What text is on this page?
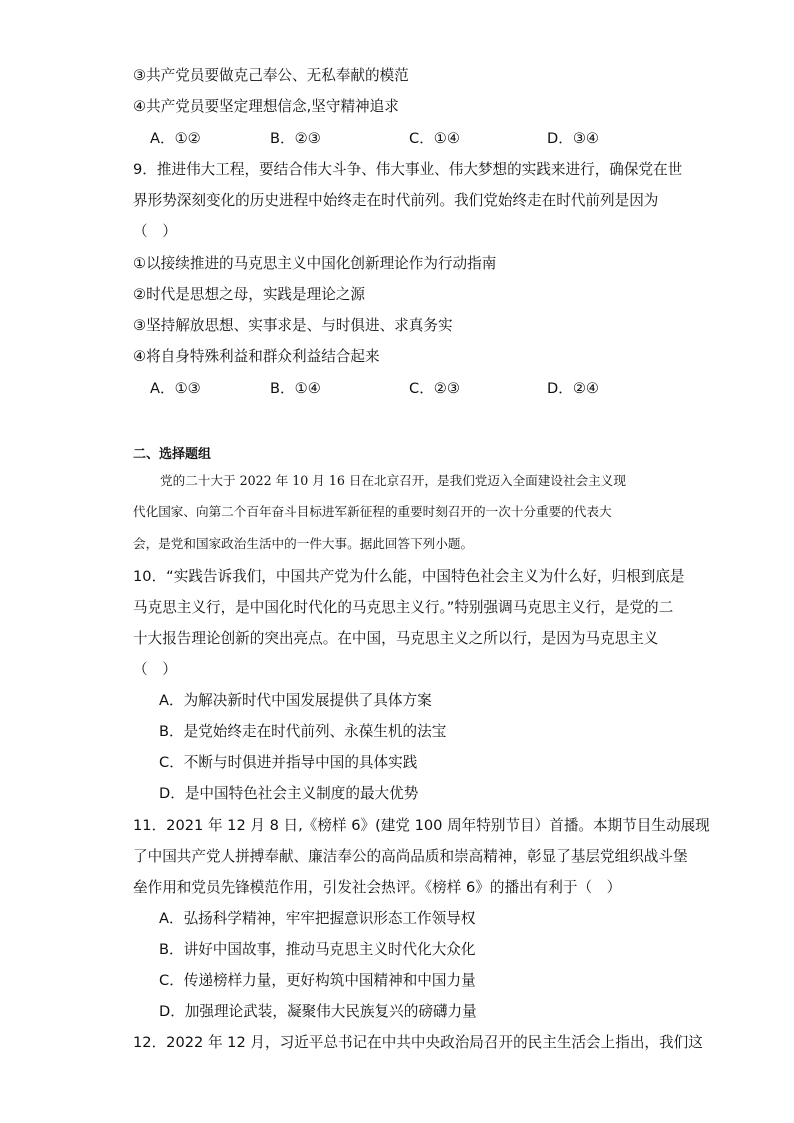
③共产党员要做克己奉公、无私奉献的模范
④共产党员要坚定理想信念,坚守精神追求
A．①②	B．②③	C．①④	D．③④
9．推进伟大工程，要结合伟大斗争、伟大事业、伟大梦想的实践来进行，确保党在世
界形势深刻变化的历史进程中始终走在时代前列。我们党始终走在时代前列是因为
（　）
①以接续推进的马克思主义中国化创新理论作为行动指南
②时代是思想之母，实践是理论之源
③坚持解放思想、实事求是、与时俱进、求真务实
④将自身特殊利益和群众利益结合起来
A．①③	B．①④	C．②③	D．②④
二、选择题组
党的二十大于 2022 年 10 月 16 日在北京召开，是我们党迈入全面建设社会主义现
代化国家、向第二个百年奋斗目标进军新征程的重要时刻召开的一次十分重要的代表大
会，是党和国家政治生活中的一件大事。据此回答下列小题。
10．“实践告诉我们，中国共产党为什么能，中国特色社会主义为什么好，归根到底是
马克思主义行，是中国化时代化的马克思主义行。”特别强调马克思主义行，是党的二
十大报告理论创新的突出亮点。在中国，马克思主义之所以行，是因为马克思主义
（　）
A．为解决新时代中国发展提供了具体方案
B．是党始终走在时代前列、永葆生机的法宝
C．不断与时俱进并指导中国的具体实践
D．是中国特色社会主义制度的最大优势
11．2021 年 12 月 8 日,《榜样 6》(建党 100 周年特别节目）首播。本期节目生动展现
了中国共产党人拼搏奉献、廉洁奉公的高尚品质和崇高精神，彰显了基层党组织战斗堡
垒作用和党员先锋模范作用，引发社会热评。《榜样 6》的播出有利于（　）
A．弘扬科学精神，牢牢把握意识形态工作领导权
B．讲好中国故事，推动马克思主义时代化大众化
C．传递榜样力量，更好构筑中国精神和中国力量
D．加强理论武装，凝聚伟大民族复兴的磅礴力量
12．2022 年 12 月，习近平总书记在中共中央政治局召开的民主生活会上指出，我们这
